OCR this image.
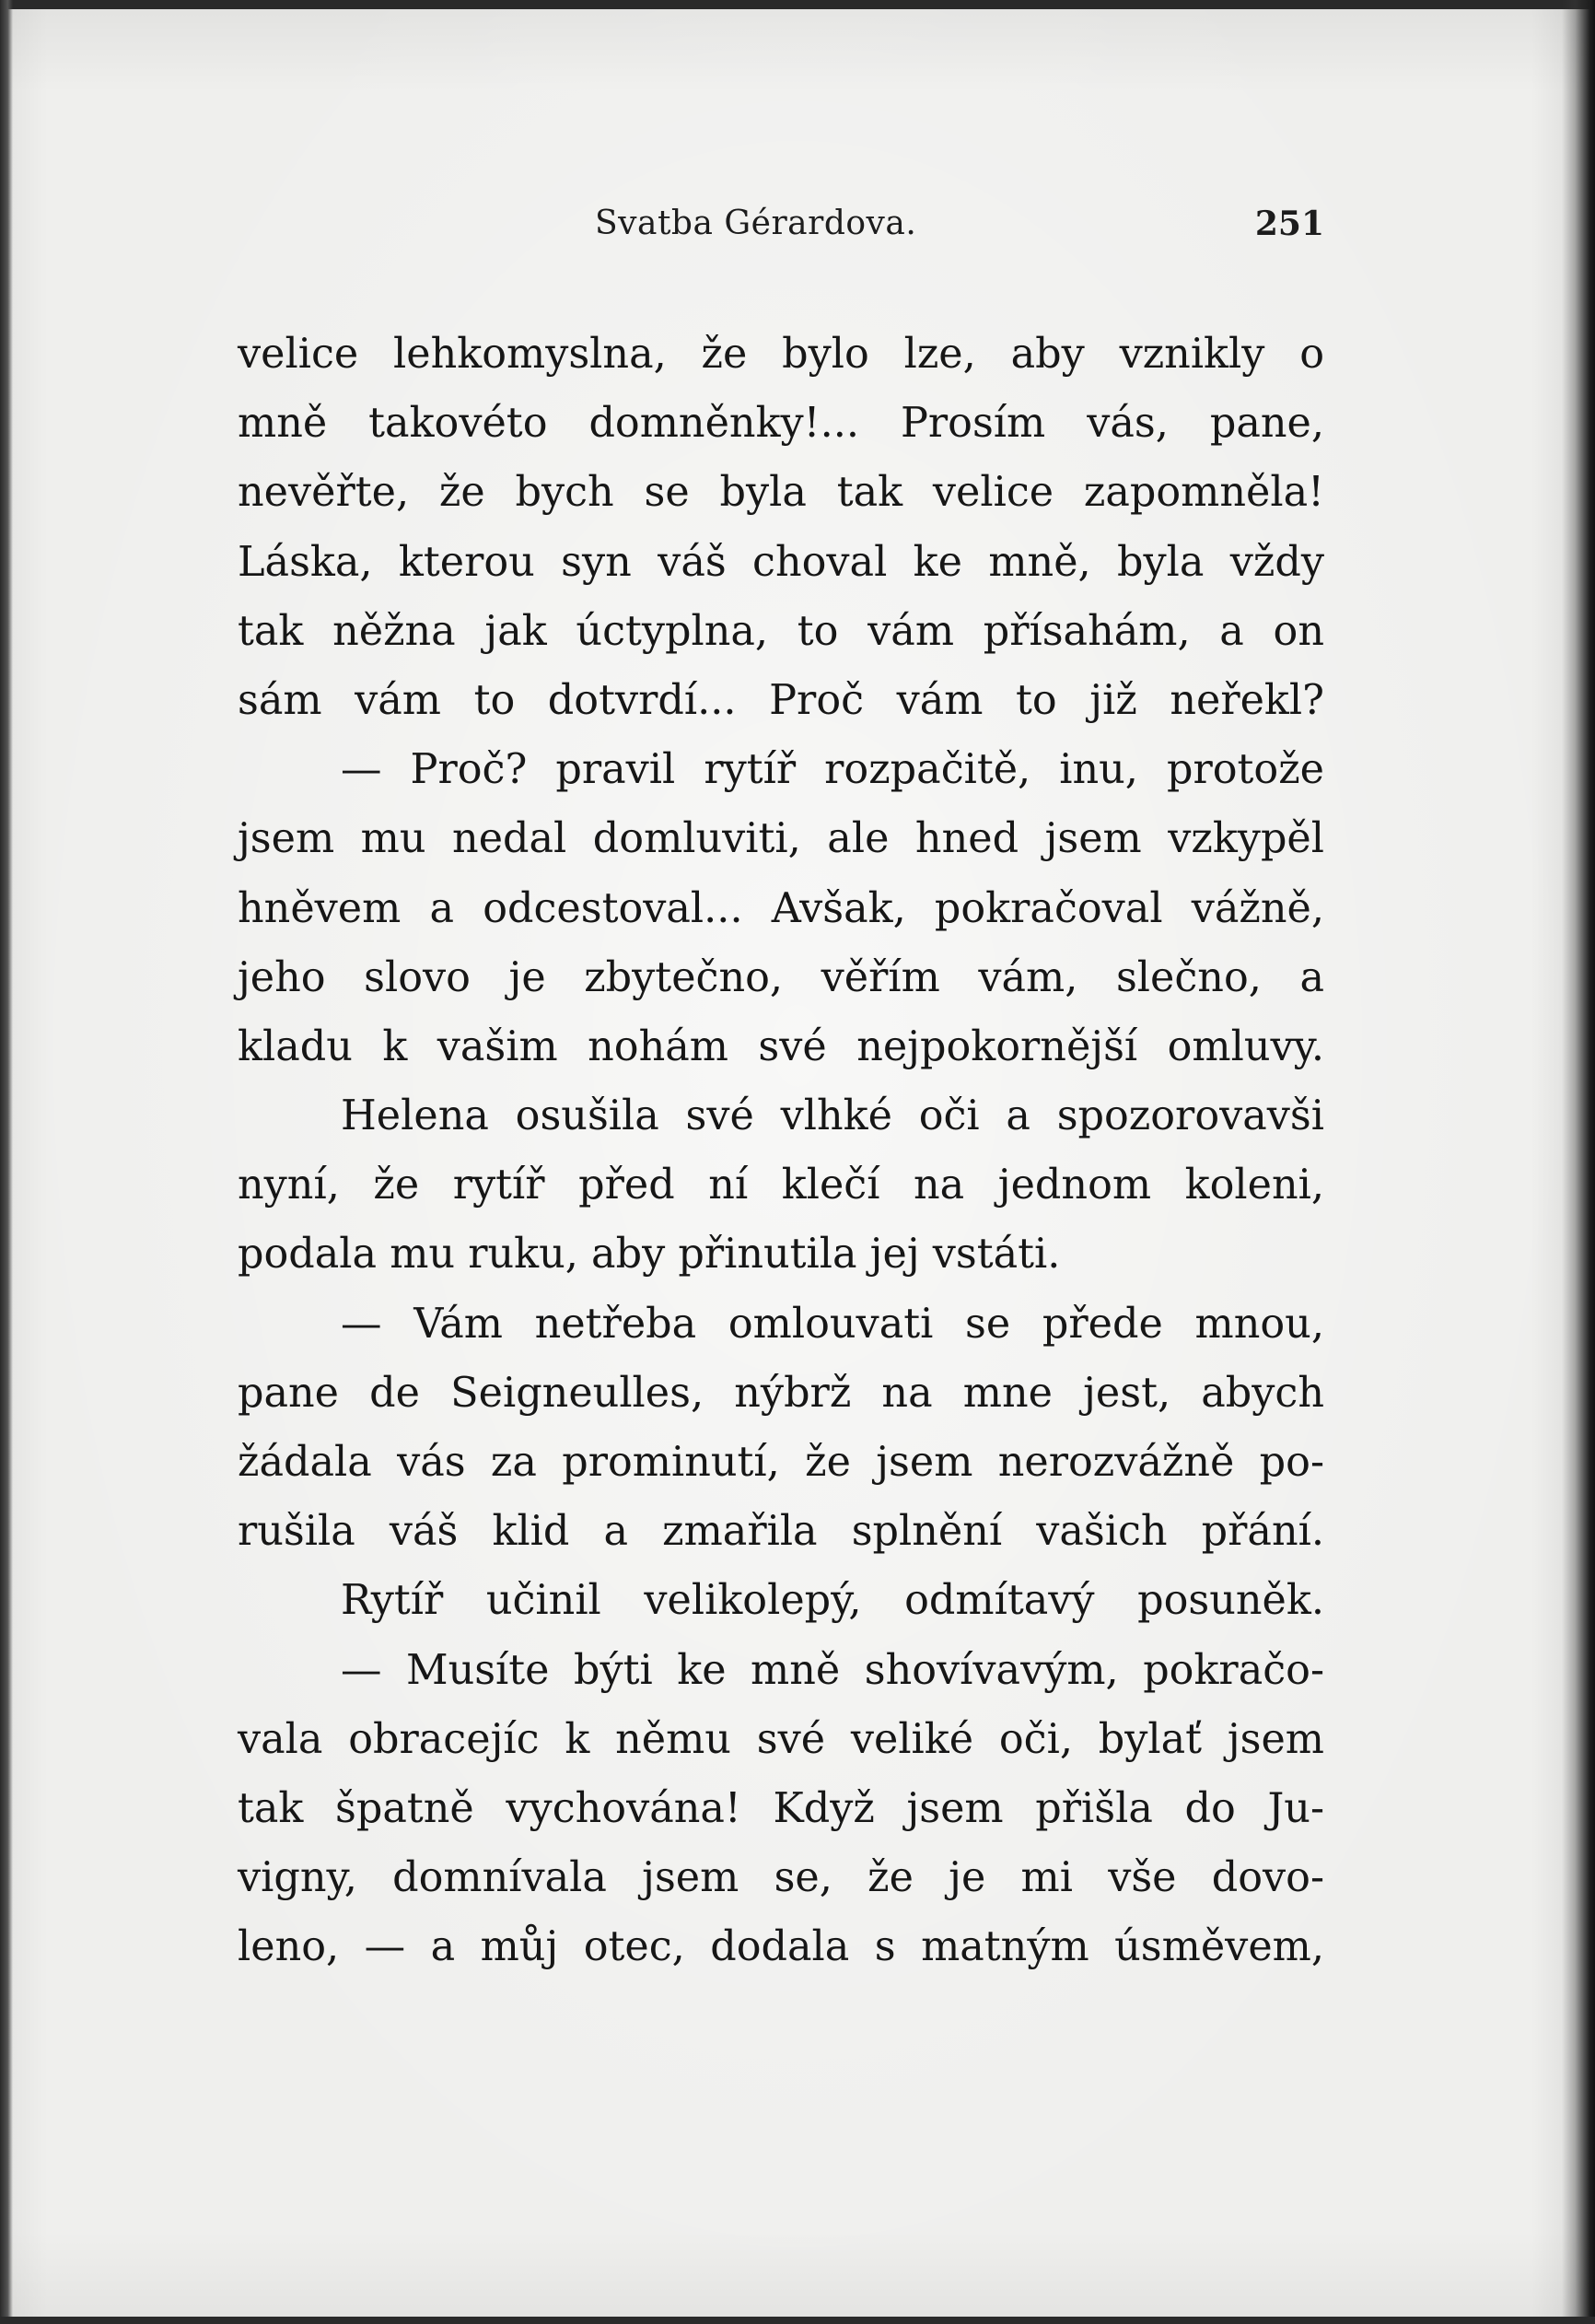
Svatba Gérardova.	251
velice lehkomyslna, že bylo lze, aby vznikly o
mně takovéto domněnky!... Prosím vás, pane,
nevěřte, že bych se byla tak velice zapomněla!
Láska, kterou syn váš choval ke mně, byla vždy
tak něžna jak úctyplna, to vám přísahám, a on
sám vám to dotvrdí... Proč vám to již neřekl?
— Proč? pravil rytíř rozpačitě, inu, protože
jsem mu nedal domluviti, ale hned jsem vzkypěl
hněvem a odcestoval... Avšak, pokračoval vážně,
jeho slovo je zbytečno, věřím vám, slečno, a
kladu k vašim nohám své nejpokornější omluvy.
Helena osušila své vlhké oči a spozorovavši
nyní, že rytíř před ní klečí na jednom koleni,
podala mu ruku, aby přinutila jej vstáti.
— Vám netřeba omlouvati se přede mnou,
pane de Seigneulles, nýbrž na mne jest, abych
žádala vás za prominutí, že jsem nerozvážně po-
rušila váš klid a zmařila splnění vašich přání.
Rytíř učinil velikolepý, odmítavý posuněk.
— Musíte býti ke mně shovívavým, pokračo-
vala obracejíc k němu své veliké oči, bylať jsem
tak špatně vychována! Když jsem přišla do Ju-
vigny, domnívala jsem se, že je mi vše dovo-
leno, — a můj otec, dodala s matným úsměvem,
